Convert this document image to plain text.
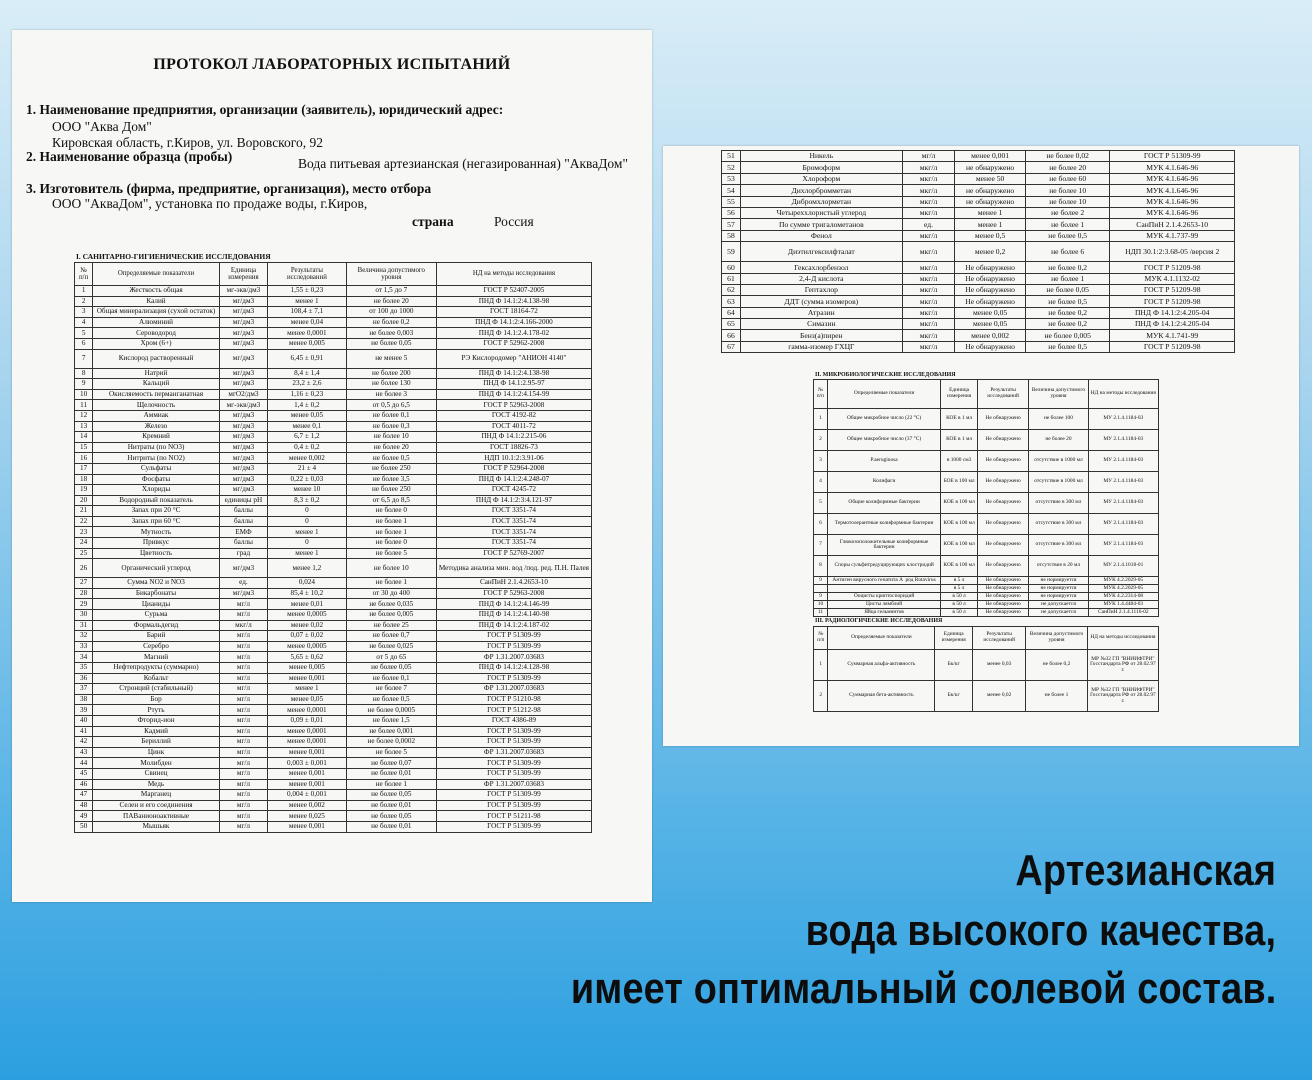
ПРОТОКОЛ ЛАБОРАТОРНЫХ ИСПЫТАНИЙ
1. Наименование предприятия, организации (заявитель), юридический адрес:
ООО "Аква Дом"
Кировская область, г.Киров, ул. Воровского, 92
2. Наименование образца (пробы)	Вода питьевая артезианская (негазированная) "АкваДом"
3. Изготовитель (фирма, предприятие, организация), место отбора
ООО "АкваДом", установка по продаже воды, г.Киров,
страна	Россия
I. САНИТАРНО-ГИГИЕНИЧЕСКИЕ ИССЛЕДОВАНИЯ
№ п/п	Определяемые показатели	Единица измерения	Результаты исследований	Величина допустимого уровня	НД на методы исследования
1	Жесткость общая	мг-экв/дм3	1,55 ± 0,23	от 1,5 до 7	ГОСТ Р 52407-2005
2	Калий	мг/дм3	менее 1	не более 20	ПНД Ф 14.1:2:4.138-98
3	Общая минерализация (сухой остаток)	мг/дм3	108,4 ± 7,1	от 100 до 1000	ГОСТ 18164-72
4	Алюминий	мг/дм3	менее 0,04	не более 0,2	ПНД Ф 14.1:2:4.166-2000
5	Сероводород	мг/дм3	менее 0,0001	не более 0,003	ПНД Ф 14.1:2.4.178-02
6	Хром (6+)	мг/дм3	менее 0,005	не более 0,05	ГОСТ Р 52962-2008
7	Кислород растворенный	мг/дм3	6,45 ± 0,91	не менее 5	РЭ Кислородомер "АНИОН 4140"
8	Натрий	мг/дм3	8,4 ± 1,4	не более 200	ПНД Ф 14.1:2:4.138-98
9	Кальций	мг/дм3	23,2 ± 2,6	не более 130	ПНД Ф 14.1:2.95-97
10	Окисляемость перманганатная	мгО2/дм3	1,16 ± 0,23	не более 3	ПНД Ф 14.1:2:4.154-99
11	Щелочность	мг-экв/дм3	1,4 ± 0,2	от 0,5 до 6,5	ГОСТ Р 52963-2008
12	Аммиак	мг/дм3	менее 0,05	не более 0,1	ГОСТ 4192-82
13	Железо	мг/дм3	менее 0,1	не более 0,3	ГОСТ 4011-72
14	Кремний	мг/дм3	6,7 ± 1,2	не более 10	ПНД Ф 14.1:2.215-06
15	Нитраты (по NO3)	мг/дм3	0,4 ± 0,2	не более 20	ГОСТ 18826-73
16	Нитриты (по NO2)	мг/дм3	менее 0,002	не более 0,5	НДП 10.1:2:3.91-06
17	Сульфаты	мг/дм3	21 ± 4	не более 250	ГОСТ Р 52964-2008
18	Фосфаты	мг/дм3	0,22 ± 0,03	не более 3,5	ПНД Ф 14.1:2:4.248-07
19	Хлориды	мг/дм3	менее 10	не более 250	ГОСТ 4245-72
20	Водородный показатель	единицы pH	8,3 ± 0,2	от 6,5 до 8,5	ПНД Ф 14.1:2:3:4.121-97
21	Запах при 20 °С	баллы	0	не более 0	ГОСТ 3351-74
22	Запах при 60 °С	баллы	0	не более 1	ГОСТ 3351-74
23	Мутность	ЕМФ	менее 1	не более 1	ГОСТ 3351-74
24	Привкус	баллы	0	не более 0	ГОСТ 3351-74
25	Цветность	град	менее 1	не более 5	ГОСТ Р 52769-2007
26	Органический углерод	мг/дм3	менее 1,2	не более 10	Методика анализа мин. вод /под. ред. П.Н. Палея
27	Сумма NO2 и NO3	ед.	0,024	не более 1	СанПиН 2.1.4.2653-10
28	Бикарбонаты	мг/дм3	85,4 ± 10,2	от 30 до 400	ГОСТ Р 52963-2008
29	Цианиды	мг/л	менее 0,01	не более 0,035	ПНД Ф 14.1:2:4.146-99
30	Сурьма	мг/л	менее 0,0005	не более 0,005	ПНД Ф 14.1:2:4.140-98
31	Формальдегид	мкг/л	менее 0,02	не более 25	ПНД Ф 14.1:2:4.187-02
32	Барий	мг/л	0,07 ± 0,02	не более 0,7	ГОСТ Р 51309-99
33	Серебро	мг/л	менее 0,0005	не более 0,025	ГОСТ Р 51309-99
34	Магний	мг/л	5,65 ± 0,62	от 5 до 65	ФР 1.31.2007.03683
35	Нефтепродукты (суммарно)	мг/л	менее 0,005	не более 0,05	ПНД Ф 14.1:2:4.128-98
36	Кобальт	мг/л	менее 0,001	не более 0,1	ГОСТ Р 51309-99
37	Стронций (стабильный)	мг/л	менее 1	не более 7	ФР 1.31.2007.03683
38	Бор	мг/л	менее 0,05	не более 0,5	ГОСТ Р 51210-98
39	Ртуть	мг/л	менее 0,0001	не более 0,0005	ГОСТ Р 51212-98
40	Фторид-ион	мг/л	0,09 ± 0,01	не более 1,5	ГОСТ 4386-89
41	Кадмий	мг/л	менее 0,0001	не более 0,001	ГОСТ Р 51309-99
42	Бериллий	мг/л	менее 0,0001	не более 0,0002	ГОСТ Р 51309-99
43	Цинк	мг/л	менее 0,001	не более 5	ФР 1.31.2007.03683
44	Молибден	мг/л	0,003 ± 0,001	не более 0,07	ГОСТ Р 51309-99
45	Свинец	мг/л	менее 0,001	не более 0,01	ГОСТ Р 51309-99
46	Медь	мг/л	менее 0,001	не более 1	ФР 1.31.2007.03683
47	Марганец	мг/л	0,004 ± 0,001	не более 0,05	ГОСТ Р 51309-99
48	Селен и его соединения	мг/л	менее 0,002	не более 0,01	ГОСТ Р 51309-99
49	ПАВанионоактивные	мг/л	менее 0,025	не более 0,05	ГОСТ Р 51211-98
50	Мышьяк	мг/л	менее 0,001	не более 0,01	ГОСТ Р 51309-99
51	Никель	мг/л	менее 0,001	не более 0,02	ГОСТ Р 51309-99
52	Бромоформ	мкг/л	не обнаружено	не более 20	МУК 4.1.646-96
53	Хлороформ	мкг/л	менее 50	не более 60	МУК 4.1.646-96
54	Дихлорбромметан	мкг/л	не обнаружено	не более 10	МУК 4.1.646-96
55	Дибромхлорметан	мкг/л	не обнаружено	не более 10	МУК 4.1.646-96
56	Четыреххлористый углерод	мкг/л	менее 1	не более 2	МУК 4.1.646-96
57	По сумме тригалометанов	ед.	менее 1	не более 1	СанПиН 2.1.4.2653-10
58	Фенол	мкг/л	менее 0,5	не более 0,5	МУК 4.1.737-99
59	Диэтилгексилфталат	мкг/л	менее 0,2	не более 6	НДП 30.1:2:3.68-05 /версия 2
60	Гексахлорбензол	мкг/л	Не обнаружено	не более 0,2	ГОСТ Р 51209-98
61	2,4-Д кислота	мкг/л	Не обнаружено	не более 1	МУК 4.1.1132-02
62	Гептахлор	мкг/л	Не обнаружено	не более 0,05	ГОСТ Р 51209-98
63	ДДТ (сумма изомеров)	мкг/л	Не обнаружено	не более 0,5	ГОСТ Р 51209-98
64	Атразин	мкг/л	менее 0,05	не более 0,2	ПНД Ф 14.1:2:4.205-04
65	Симазин	мкг/л	менее 0,05	не более 0,2	ПНД Ф 14.1:2:4.205-04
66	Бенз(а)пирен	мкг/л	менее 0,002	не более 0,005	МУК 4.1.741-99
67	гамма-изомер ГХЦГ	мкг/л	Не обнаружено	не более 0,5	ГОСТ Р 51209-98
II. МИКРОБИОЛОГИЧЕСКИЕ ИССЛЕДОВАНИЯ
№ п/п	Определяемые показатели	Единица измерения	Результаты исследований	Величина допустимого уровня	НД на методы исследования
1	Общее микробное число (22 °С)	КОЕ в 1 мл	Не обнаружено	не более 100	МУ 2.1.4.1184-03
2	Общее микробное число (37 °С)	КОЕ в 1 мл	Не обнаружено	не более 20	МУ 2.1.4.1184-03
3	P.aeruginosa	в 1000 см3	Не обнаружено	отсутствие в 1000 мл	МУ 2.1.4.1184-03
4	Колифаги	БОЕ в 100 мл	Не обнаружено	отсутствие в 1000 мл	МУ 2.1.4.1184-03
5	Общие колиформные бактерии	КОЕ в 100 мл	Не обнаружено	отсутствие в 300 мл	МУ 2.1.4.1184-03
6	Термотолерантные колиформные бактерии	КОЕ в 100 мл	Не обнаружено	отсутствие в 300 мл	МУ 2.1.4.1184-03
7	Глюкозоположительные колиформные бактерии	КОЕ в 100 мл	Не обнаружено	отсутствие в 300 мл	МУ 2.1.4.1184-03
8	Споры сульфитредуцирующих клостридий	КОЕ в 100 мл	Не обнаружено	отсутствие в 20 мл	МУ 2.1.4.1018-01
9	Антиген вирусного гепатита А  род Rotavirus	в 5 л	Не обнаружено	не нормируется	МУК 4.2.2029-05
		в 5 л	Не обнаружено	не нормируется	МУК 4.2.2029-05
9	Ооцисты криптоспоридий	в 50 л	Не обнаружено	не нормируется	МУК 4.2.2314-08
10	Цисты лямблий	в 50 л	Не обнаружено	не допускается	МУК 1.4.4484-03
11	Яйца гельминтов	в 50 л	Не обнаружено	не допускается	СанПиН 2.1.4.1116-02
III. РАДИОЛОГИЧЕСКИЕ ИССЛЕДОВАНИЯ
№ п/п	Определяемые показатели	Единица измерения	Результаты исследований	Величина допустимого уровня	НД на методы исследования
1	Суммарная альфа-активность	Бк/кг	менее 0,03	не более 0,2	МР №32 ГП "ВНИИФТРИ" Госстандарта РФ от 28.02.97 г.
2	Суммарная бета-активность	Бк/кг	менее 0,02	не более 1	МР №32 ГП "ВНИИФТРИ" Госстандарта РФ от 28.02.97 г.
Артезианская
вода высокого качества,
имеет оптимальный солевой состав.
